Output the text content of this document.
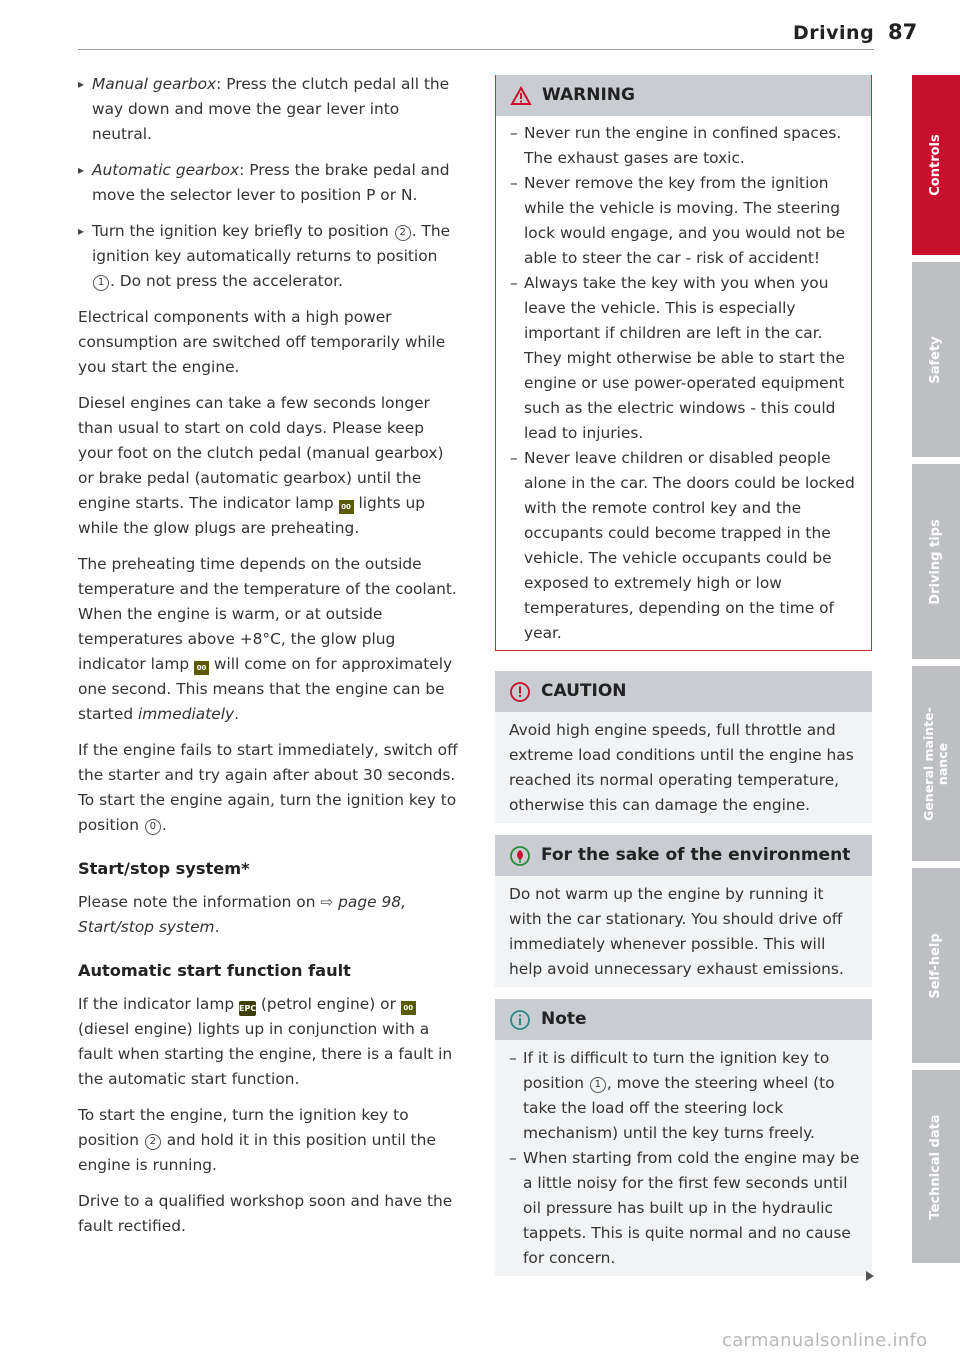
Driving 87

▸ Manual gearbox: Press the clutch pedal all the way down and move the gear lever into neutral.

▸ Automatic gearbox: Press the brake pedal and move the selector lever to position P or N.

▸ Turn the ignition key briefly to position 2 . The ignition key automatically returns to position 1 . Do not press the accelerator.

Electrical components with a high power consumption are switched off temporarily while you start the engine.

Diesel engines can take a few seconds longer than usual to start on cold days. Please keep your foot on the clutch pedal (manual gearbox) or brake pedal (automatic gearbox) until the engine starts. The indicator lamp 00 lights up while the glow plugs are preheating.

The preheating time depends on the outside temperature and the temperature of the coolant. When the engine is warm, or at outside temperatures above +8°C, the glow plug indicator lamp 00 will come on for approximately one second. This means that the engine can be started immediately.

If the engine fails to start immediately, switch off the starter and try again after about 30 seconds. To start the engine again, turn the ignition key to position 0 .

Start/stop system*

Please note the information on ⇨ page 98, Start/stop system.

Automatic start function fault

If the indicator lamp EPC (petrol engine) or 00 (diesel engine) lights up in conjunction with a fault when starting the engine, there is a fault in the automatic start function.

To start the engine, turn the ignition key to position 2 and hold it in this position until the engine is running.

Drive to a qualified workshop soon and have the fault rectified.

WARNING

– Never run the engine in confined spaces. The exhaust gases are toxic.

– Never remove the key from the ignition while the vehicle is moving. The steering lock would engage, and you would not be able to steer the car - risk of accident!

– Always take the key with you when you leave the vehicle. This is especially important if children are left in the car. They might otherwise be able to start the engine or use power-operated equipment such as the electric windows - this could lead to injuries.

– Never leave children or disabled people alone in the car. The doors could be locked with the remote control key and the occupants could become trapped in the vehicle. The vehicle occupants could be exposed to extremely high or low temperatures, depending on the time of year.

CAUTION
Avoid high engine speeds, full throttle and extreme load conditions until the engine has reached its normal operating temperature, otherwise this can damage the engine.
For the sake of the environment
Do not warm up the engine by running it with the car stationary. You should drive off immediately whenever possible. This will help avoid unnecessary exhaust emissions.
Note

– If it is difficult to turn the ignition key to position 1 , move the steering wheel (to take the load off the steering lock mechanism) until the key turns freely.

– When starting from cold the engine may be a little noisy for the first few seconds until oil pressure has built up in the hydraulic tappets. This is quite normal and no cause for concern.

Controls
Safety
Driving tips
General mainte-
nance
Self-help
Technical data
carmanualsonline.info
